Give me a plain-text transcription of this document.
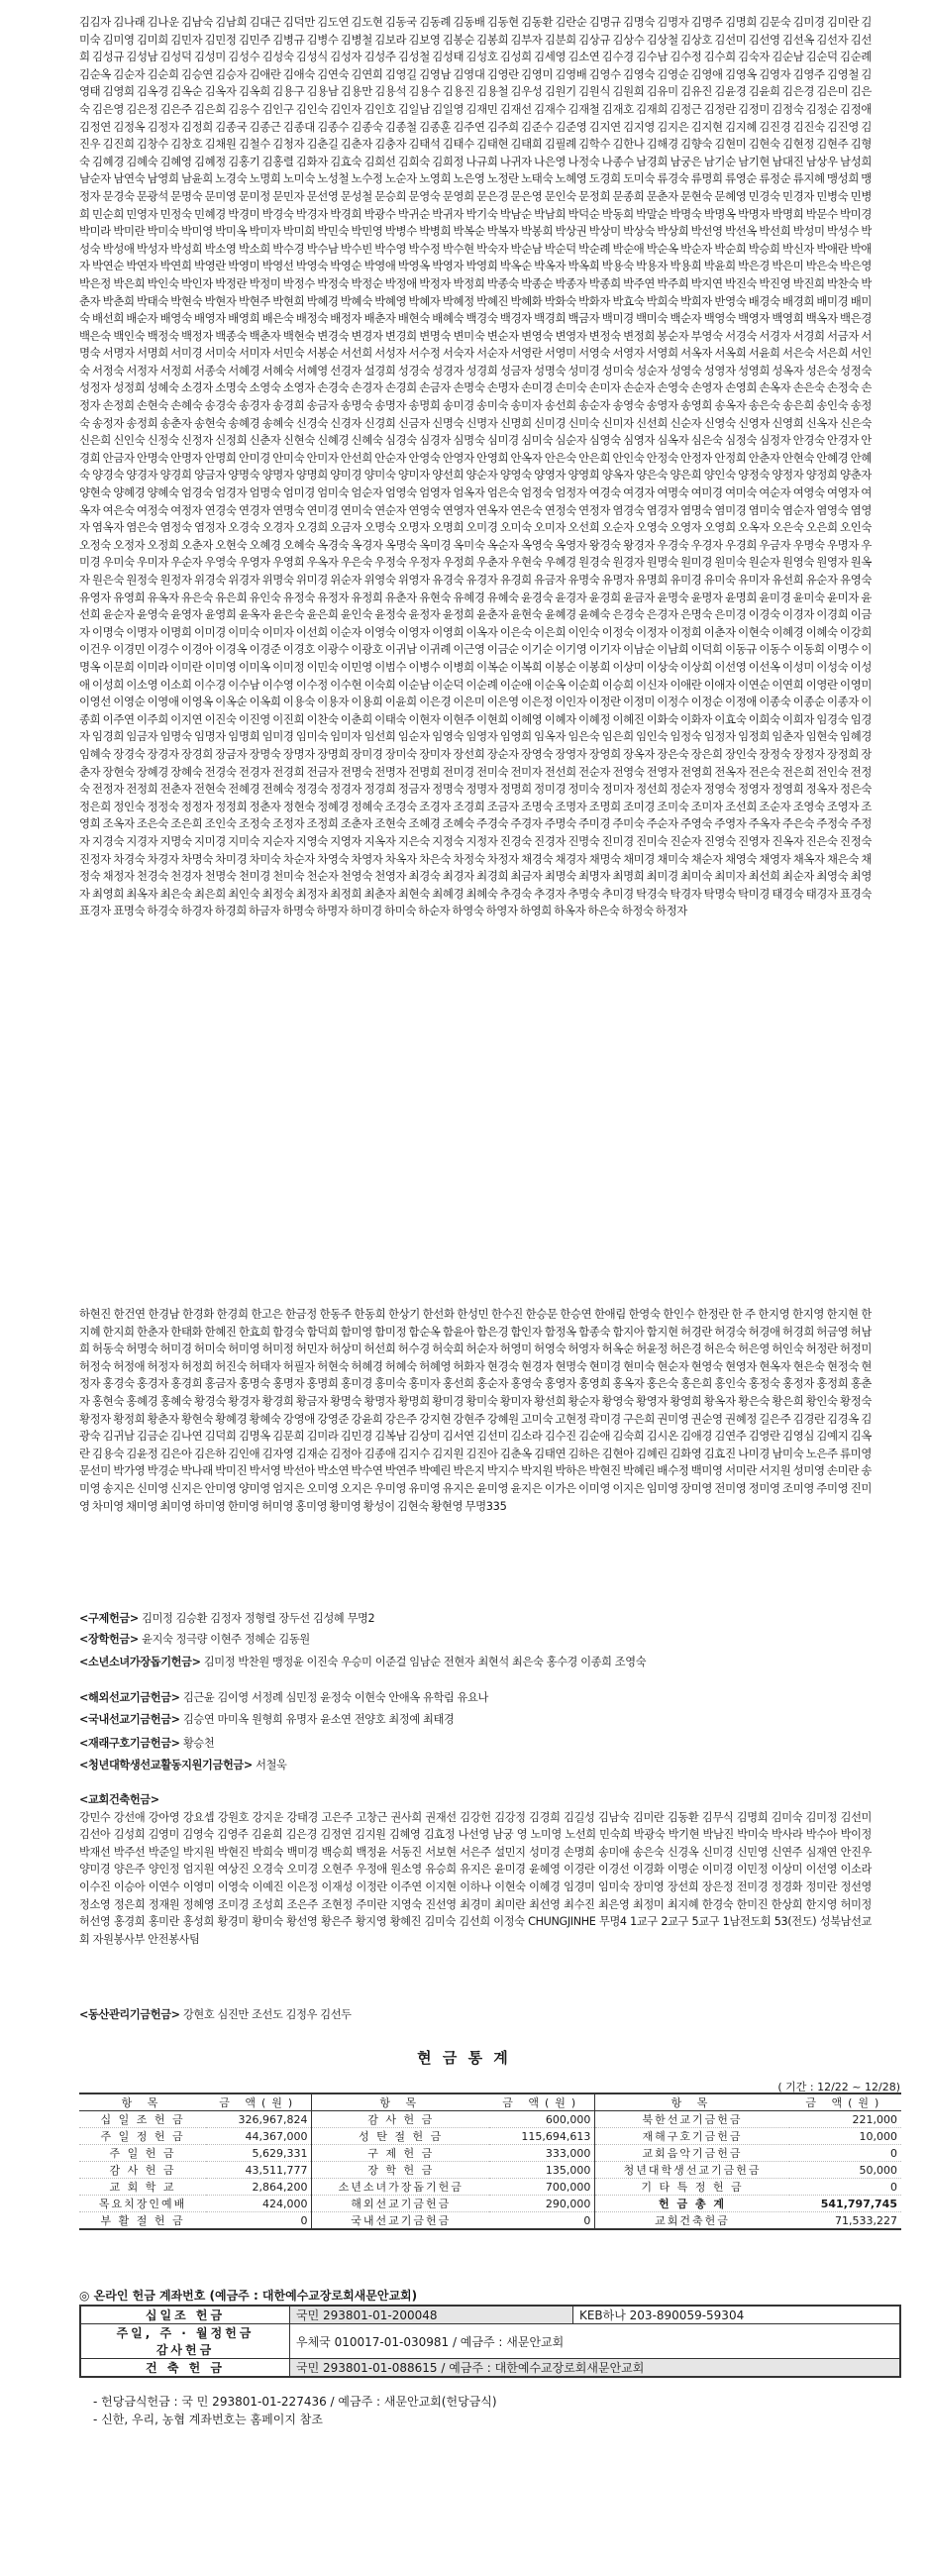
김김자 김나래 김나운 김남숙 김남희 김대근 김덕만 김도연 김도현 김동국 김동례 김동배 김동현 김동환 김란순 김명규 김명숙 김명자 김명주 김명희 김문숙 김미경 김미란 김미숙 김미영 김미희 김민자 김민정 김민주 김병규 김병수 김병철 김보라 김보영 김봉순 김봉희 김부자 김분희 김상규 김상수 김상철 김상호 김선미 김선영 김선옥 김선자 김선희 김성규 김성남 김성덕 김성미 김성수 김성숙 김성식 김성자 김성주 김성철 김성태 김성호 김성희 김세영 김소연 김수경 김수남 김수정 김수희 김숙자 김순남 김순덕 김순례 김순옥 김순자 김순희 김승연 김승자 김애란 김애숙 김연숙 김연희 김영길 김영남 김영대 김영란 김영미 김영배 김영수 김영숙 김영순 김영애 김영옥 김영자 김영주 김영철 김영태 김영희 김옥경 김옥순 김옥자 김옥희 김용구 김용남 김용만 김용석 김용수 김용진 김용철 김우성 김원기 김원식 김원희 김유미 김유진 김윤경 김윤희 김은경 김은미 김은숙 김은영 김은정 김은주 김은희 김응수 김인구 김인숙 김인자 김인호 김일남 김일영 김재민 김재선 김재수 김재철 김재호 김재희 김정근 김정란 김정미 김정숙 김정순 김정애 김정연 김정옥 김정자 김정희 김종국 김종근 김종대 김종수 김종숙 김종철 김종훈 김주연 김주희 김준수 김준영 김지연 김지영 김지은 김지현 김지혜 김진경 김진숙 김진영 김진우 김진희 김창수 김창호 김채원 김철수 김청자 김춘길 김춘자 김충자 김태석 김태수 김태현 김태희 김필례 김학수 김한나 김해경 김향숙 김현미 김현숙 김현정 김현주 김형숙 김혜경 김혜숙 김혜영 김혜정 김홍기 김홍렬 김화자 김효숙 김희선 김희숙 김희정 나규희 나귀자 나은영 나정숙 나종수 남경희 남궁은 남기순 남기현 남대진 남상우 남성희 남순자 남연숙 남영희 남윤희 노경숙 노명희 노미숙 노성철 노수정 노순자 노영희 노은영 노정란 노태숙 노혜영 도경희 도미숙 류경숙 류명희 류영순 류정순 류지혜 맹성희 맹정자 문경숙 문광석 문명숙 문미영 문미정 문민자 문선영 문성철 문승희 문영숙 문영희 문은경 문은영 문인숙 문정희 문종희 문춘자 문현숙 문혜영 민경숙 민경자 민병숙 민병희 민순희 민영자 민정숙 민혜경 박경미 박경숙 박경자 박경희 박광수 박귀순 박귀자 박기숙 박남순 박남희 박덕순 박동희 박말순 박명숙 박명옥 박명자 박명희 박문수 박미경 박미라 박미란 박미숙 박미영 박미옥 박미자 박미희 박민숙 박민영 박병수 박병희 박복순 박복자 박봉희 박상권 박상미 박상숙 박상희 박선영 박선옥 박선희 박성미 박성수 박성숙 박성애 박성자 박성희 박소영 박소희 박수경 박수남 박수빈 박수영 박수정 박수현 박숙자 박순남 박순덕 박순례 박순애 박순옥 박순자 박순희 박승희 박신자 박애란 박애자 박연순 박연자 박연희 박영란 박영미 박영선 박영숙 박영순 박영애 박영옥 박영자 박영희 박옥순 박옥자 박옥희 박용숙 박용자 박용희 박윤희 박은경 박은미 박은숙 박은영 박은정 박은희 박인숙 박인자 박정란 박정미 박정수 박정숙 박정순 박정애 박정자 박정희 박종숙 박종순 박종자 박종희 박주연 박주희 박지연 박진숙 박진영 박진희 박찬숙 박춘자 박춘희 박태숙 박현숙 박현자 박현주 박현희 박혜경 박혜숙 박혜영 박혜자 박혜정 박혜진 박혜화 박화숙 박화자 박효숙 박희숙 박희자 반영숙 배경숙 배경희 배미경 배미숙 배선희 배순자 배영숙 배영자 배영희 배은숙 배정숙 배정자 배춘자 배현숙 배혜숙 백경숙 백경자 백경희 백금자 백미경 백미숙 백순자 백영숙 백영자 백영희 백옥자 백은경 백은숙 백인숙 백정숙 백정자 백종숙 백춘자 백현숙 변경숙 변경자 변경희 변명숙 변미숙 변순자 변영숙 변영자 변정숙 변정희 봉순자 부영숙 서경숙 서경자 서경희 서금자 서명숙 서명자 서명희 서미경 서미숙 서미자 서민숙 서봉순 서선희 서성자 서수정 서숙자 서순자 서영란 서영미 서영숙 서영자 서영희 서옥자 서옥희 서윤희 서은숙 서은희 서인숙 서정숙 서정자 서정희 서종숙 서혜경 서혜숙 서혜영 선경자 설경희 성경숙 성경자 성경희 성금자 성명숙 성미경 성미숙 성순자 성영숙 성영자 성영희 성옥자 성은숙 성정숙 성정자 성정희 성혜숙 소경자 소명숙 소영숙 소영자 손경숙 손경자 손경희 손금자 손명숙 손명자 손미경 손미숙 손미자 손순자 손영숙 손영자 손영희 손옥자 손은숙 손정숙 손정자 손정희 손현숙 손혜숙 송경숙 송경자 송경희 송금자 송명숙 송명자 송명희 송미경 송미숙 송미자 송선희 송순자 송영숙 송영자 송영희 송옥자 송은숙 송은희 송인숙 송정숙 송정자 송정희 송춘자 송현숙 송혜경 송혜숙 신경숙 신경자 신경희 신금자 신명숙 신명자 신명희 신미경 신미숙 신미자 신선희 신순자 신영숙 신영자 신영희 신옥자 신은숙 신은희 신인숙 신정숙 신정자 신정희 신춘자 신현숙 신혜경 신혜숙 심경숙 심경자 심명숙 심미경 심미숙 심순자 심영숙 심영자 심옥자 심은숙 심정숙 심정자 안경숙 안경자 안경희 안금자 안명숙 안명자 안명희 안미경 안미숙 안미자 안선희 안순자 안영숙 안영자 안영희 안옥자 안은숙 안은희 안인숙 안정숙 안정자 안정희 안춘자 안현숙 안혜경 안혜숙 양경숙 양경자 양경희 양금자 양명숙 양명자 양명희 양미경 양미숙 양미자 양선희 양순자 양영숙 양영자 양영희 양옥자 양은숙 양은희 양인숙 양정숙 양정자 양정희 양춘자 양현숙 양혜경 양혜숙 엄경숙 엄경자 엄명숙 엄미경 엄미숙 엄순자 엄영숙 엄영자 엄옥자 엄은숙 엄정숙 엄정자 여경숙 여경자 여명숙 여미경 여미숙 여순자 여영숙 여영자 여옥자 여은숙 여정숙 여정자 연경숙 연경자 연명숙 연미경 연미숙 연순자 연영숙 연영자 연옥자 연은숙 연정숙 연정자 염경숙 염경자 염명숙 염미경 염미숙 염순자 염영숙 염영자 염옥자 염은숙 염정숙 염정자 오경숙 오경자 오경희 오금자 오명숙 오명자 오명희 오미경 오미숙 오미자 오선희 오순자 오영숙 오영자 오영희 오옥자 오은숙 오은희 오인숙 오정숙 오정자 오정희 오춘자 오현숙 오혜경 오혜숙 옥경숙 옥경자 옥명숙 옥미경 옥미숙 옥순자 옥영숙 옥영자 왕경숙 왕경자 우경숙 우경자 우경희 우금자 우명숙 우명자 우미경 우미숙 우미자 우순자 우영숙 우영자 우영희 우옥자 우은숙 우정숙 우정자 우정희 우춘자 우현숙 우혜경 원경숙 원경자 원명숙 원미경 원미숙 원순자 원영숙 원영자 원옥자 원은숙 원정숙 원정자 위경숙 위경자 위명숙 위미경 위순자 위영숙 위영자 유경숙 유경자 유경희 유금자 유명숙 유명자 유명희 유미경 유미숙 유미자 유선희 유순자 유영숙 유영자 유영희 유옥자 유은숙 유은희 유인숙 유정숙 유정자 유정희 유춘자 유현숙 유혜경 유혜숙 윤경숙 윤경자 윤경희 윤금자 윤명숙 윤명자 윤명희 윤미경 윤미숙 윤미자 윤선희 윤순자 윤영숙 윤영자 윤영희 윤옥자 윤은숙 윤은희 윤인숙 윤정숙 윤정자 윤정희 윤춘자 윤현숙 윤혜경 윤혜숙 은경숙 은경자 은명숙 은미경 이경숙 이경자 이경희 이금자 이명숙 이명자 이명희 이미경 이미숙 이미자 이선희 이순자 이영숙 이영자 이영희 이옥자 이은숙 이은희 이인숙 이정숙 이정자 이정희 이춘자 이현숙 이혜경 이혜숙 이강희 이건우 이경민 이경수 이경아 이경옥 이경준 이경호 이광수 이광호 이귀남 이귀례 이근영 이금순 이기순 이기영 이기자 이남순 이남희 이덕희 이동규 이동수 이동희 이명수 이명옥 이문희 이미라 이미란 이미영 이미옥 이미정 이민숙 이민영 이범수 이병수 이병희 이복순 이복희 이봉순 이봉희 이상미 이상숙 이상희 이선영 이선옥 이성미 이성숙 이성애 이성희 이소영 이소희 이수경 이수남 이수영 이수정 이수현 이숙희 이순남 이순덕 이순례 이순애 이순옥 이순희 이승희 이신자 이애란 이애자 이연순 이연희 이영란 이영미 이영선 이영순 이영애 이영옥 이옥순 이옥희 이용숙 이용자 이용희 이윤희 이은경 이은미 이은영 이은정 이인자 이정란 이정미 이정수 이정순 이정애 이종숙 이종순 이종자 이종희 이주연 이주희 이지연 이진숙 이진영 이진희 이찬숙 이춘희 이태숙 이현자 이현주 이현희 이혜영 이혜자 이혜정 이혜진 이화숙 이화자 이효숙 이희숙 이희자 임경숙 임경자 임경희 임금자 임명숙 임명자 임명희 임미경 임미숙 임미자 임선희 임순자 임영숙 임영자 임영희 임옥자 임은숙 임은희 임인숙 임정숙 임정자 임정희 임춘자 임현숙 임혜경 임혜숙 장경숙 장경자 장경희 장금자 장명숙 장명자 장명희 장미경 장미숙 장미자 장선희 장순자 장영숙 장영자 장영희 장옥자 장은숙 장은희 장인숙 장정숙 장정자 장정희 장춘자 장현숙 장혜경 장혜숙 전경숙 전경자 전경희 전금자 전명숙 전명자 전명희 전미경 전미숙 전미자 전선희 전순자 전영숙 전영자 전영희 전옥자 전은숙 전은희 전인숙 전정숙 전정자 전정희 전춘자 전현숙 전혜경 전혜숙 정경숙 정경자 정경희 정금자 정명숙 정명자 정명희 정미경 정미숙 정미자 정선희 정순자 정영숙 정영자 정영희 정옥자 정은숙 정은희 정인숙 정정숙 정정자 정정희 정춘자 정현숙 정혜경 정혜숙 조경숙 조경자 조경희 조금자 조명숙 조명자 조명희 조미경 조미숙 조미자 조선희 조순자 조영숙 조영자 조영희 조옥자 조은숙 조은희 조인숙 조정숙 조정자 조정희 조춘자 조현숙 조혜경 조혜숙 주경숙 주경자 주명숙 주미경 주미숙 주순자 주영숙 주영자 주옥자 주은숙 주정숙 주정자 지경숙 지경자 지명숙 지미경 지미숙 지순자 지영숙 지영자 지옥자 지은숙 지정숙 지정자 진경숙 진경자 진명숙 진미경 진미숙 진순자 진영숙 진영자 진옥자 진은숙 진정숙 진정자 차경숙 차경자 차명숙 차미경 차미숙 차순자 차영숙 차영자 차옥자 차은숙 차정숙 차정자 채경숙 채경자 채명숙 채미경 채미숙 채순자 채영숙 채영자 채옥자 채은숙 채정숙 채정자 천경숙 천경자 천명숙 천미경 천미숙 천순자 천영숙 천영자 최경숙 최경자 최경희 최금자 최명숙 최명자 최명희 최미경 최미숙 최미자 최선희 최순자 최영숙 최영자 최영희 최옥자 최은숙 최은희 최인숙 최정숙 최정자 최정희 최춘자 최현숙 최혜경 최혜숙 추경숙 추경자 추명숙 추미경 탁경숙 탁경자 탁명숙 탁미경 태경숙 태경자 표경숙 표경자 표명숙 하경숙 하경자 하경희 하금자 하명숙 하명자 하미경 하미숙 하순자 하영숙 하영자 하영희 하옥자 하은숙 하정숙 하정자
하현진 한건연 한경남 한경화 한경희 한고은 한금정 한동주 한동희 한상기 한선화 한성민 한수진 한승문 한승연 한애림 한영숙 한인수 한정란 한 주 한지영 한지영 한지현 한지혜 한지희 한춘자 한태화 한혜진 한효희 함경숙 함덕희 함미영 함미정 함순옥 함윤아 함은경 함인자 함정옥 함종숙 함지아 함지현 허경란 허경숙 허경애 허경희 허금영 허남희 허동숙 허명숙 허미경 허미숙 허미영 허미정 허민자 허상미 허선희 허수경 허숙희 허순자 허영미 허영숙 허영자 허옥순 허윤정 허은경 허은숙 허은영 허인숙 허정란 허정미 허정숙 허정애 허정자 허정희 허진숙 허태자 허필자 허현숙 허혜경 허혜숙 허혜영 허화자 현경숙 현경자 현명숙 현미경 현미숙 현순자 현영숙 현영자 현옥자 현은숙 현정숙 현정자 홍경숙 홍경자 홍경희 홍금자 홍명숙 홍명자 홍명희 홍미경 홍미숙 홍미자 홍선희 홍순자 홍영숙 홍영자 홍영희 홍옥자 홍은숙 홍은희 홍인숙 홍정숙 홍정자 홍정희 홍춘자 홍현숙 홍혜경 홍혜숙 황경숙 황경자 황경희 황금자 황명숙 황명자 황명희 황미경 황미숙 황미자 황선희 황순자 황영숙 황영자 황영희 황옥자 황은숙 황은희 황인숙 황정숙 황정자 황정희 황춘자 황현숙 황혜경 황혜숙 강영애 강영준 강윤희 강은주 강지현 강현주 강혜원 고미숙 고현정 곽미경 구은희 권미영 권순영 권혜정 길은주 김경란 김경옥 김광숙 김귀남 김금순 김나연 김덕희 김명옥 김문희 김미라 김민경 김복남 김상미 김서연 김선미 김소라 김수진 김순애 김숙희 김시온 김애경 김연주 김영란 김영심 김예지 김옥란 김용숙 김윤정 김은아 김은하 김인애 김자영 김재순 김정아 김종애 김지수 김지원 김진아 김춘옥 김태연 김하은 김현아 김혜린 김화영 김효진 나미경 남미숙 노은주 류미영 문선미 박가영 박경순 박나래 박미진 박서영 박선아 박소연 박수연 박연주 박예린 박은지 박지수 박지원 박하은 박현진 박혜린 배수정 백미영 서미란 서지원 성미영 손미란 송미영 송지은 신미영 신지은 안미영 양미영 엄지은 오미영 오지은 우미영 유미영 유지은 윤미영 윤지은 이가은 이미영 이지은 임미영 장미영 전미영 정미영 조미영 주미영 진미영 차미영 채미영 최미영 하미영 한미영 허미영 홍미영 황미영 황성이 김현숙 황현영 무명335
<구제헌금> 김미정 김승환 김정자 정형렬 장두선 김성혜 무명2
<장학헌금> 윤지숙 정극량 이현주 정혜순 김동원
<소년소녀가장돕기헌금> 김미정 박찬원 맹정윤 이진숙 우승미 이준걸 임남순 전현자 최현석 최은숙 홍수경 이종희 조영숙
<해외선교기금헌금> 김근윤 김이영 서정례 심민정 윤정숙 이현숙 안애옥 유학림 유요나
<국내선교기금헌금> 김승연 마미옥 원형희 유명자 윤소연 전양호 최정예 최태경
<재래구호기금헌금> 황승천
<청년대학생선교활동지원기금헌금> 서철욱
<교회건축헌금>
강민수 강선애 강아영 강요셉 강원호 강지운 강태경 고은주 고창근 권사희 권재선 김강헌 김강정 김경희 김길성 김남숙 김미란 김동환 김무식 김명희 김미숙 김미정 김선미 김선아 김성희 김영미 김영숙 김영주 김윤희 김은경 김정연 김지원 김혜영 김효정 나선영 남궁 영 노미영 노선희 민숙희 박광숙 박기현 박남진 박미숙 박사라 박수아 박이정 박재선 박주선 박준일 박지원 박현진 박희숙 백미경 백승희 백정윤 서동진 서보현 서은주 설민지 성미경 손명희 송미애 송은숙 신경옥 신미경 신민영 신연주 심재연 안진우 양미경 양은주 양인정 엄지원 여상진 오경숙 오미경 오현주 우정애 원소영 유승희 유지은 윤미경 윤혜영 이경란 이경선 이경화 이명순 이미경 이민정 이상미 이선영 이소라 이수진 이승아 이연수 이영미 이영숙 이예진 이은정 이재성 이정란 이주연 이지현 이하나 이현숙 이혜경 임경미 임미숙 장미영 장선희 장은정 전미경 정경화 정미란 정선영 정소영 정은희 정재원 정혜영 조미경 조성희 조은주 조현정 주미란 지영숙 진선영 최경미 최미란 최선영 최수진 최은영 최정미 최지혜 한경숙 한미진 한상희 한지영 허미정 허선영 홍경희 홍미란 홍성희 황경미 황미숙 황선영 황은주 황지영 황혜진 김미숙 김선희 이정숙 CHUNGJINHE 무명4 1교구 2교구 5교구 1남전도회 53(전도) 성북남선교회 자원봉사부 안전봉사팀
<동산관리기금헌금> 강현호 심진만 조선도 김정우 김선두
현 금 통 계
( 기간 : 12/22 ~ 12/28)
항 목	금 액(원)	항 목	금 액(원)	항 목	금 액(원)
십 일 조 헌 금	326,967,824	감 사 헌 금	600,000	북한선교기금헌금	221,000
주 일 정 헌 금	44,367,000	성 탄 절 헌 금	115,694,613	재해구호기금헌금	10,000
주 일 헌 금	5,629,331	구 제 헌 금	333,000	교회음악기금헌금	0
감 사 헌 금	43,511,777	장 학 헌 금	135,000	청년대학생선교기금헌금	50,000
교 회 학 교	2,864,200	소년소녀가장돕기헌금	700,000	기 타 특 정 헌 금	0
목요치장인예배	424,000	해외선교기금헌금	290,000	헌 금 총 계	541,797,745
부 활 절 헌 금	0	국내선교기금헌금	0	교회건축헌금	71,533,227
◎ 온라인 헌금 계좌번호 (예금주 : 대한예수교장로회새문안교회)
십일조 헌금	국민 293801-01-200048	KEB하나 203-890059-59304
주일, 주 · 월정헌금
감사헌금	우체국 010017-01-030981 / 예금주 : 새문안교회	
건 축 헌 금	국민 293801-01-088615 / 예금주 : 대한예수교장로회새문안교회	
- 헌당금식헌금 : 국 민 293801-01-227436 / 예금주 : 새문안교회(헌당금식)
- 신한, 우리, 농협 계좌번호는 홈페이지 참조
